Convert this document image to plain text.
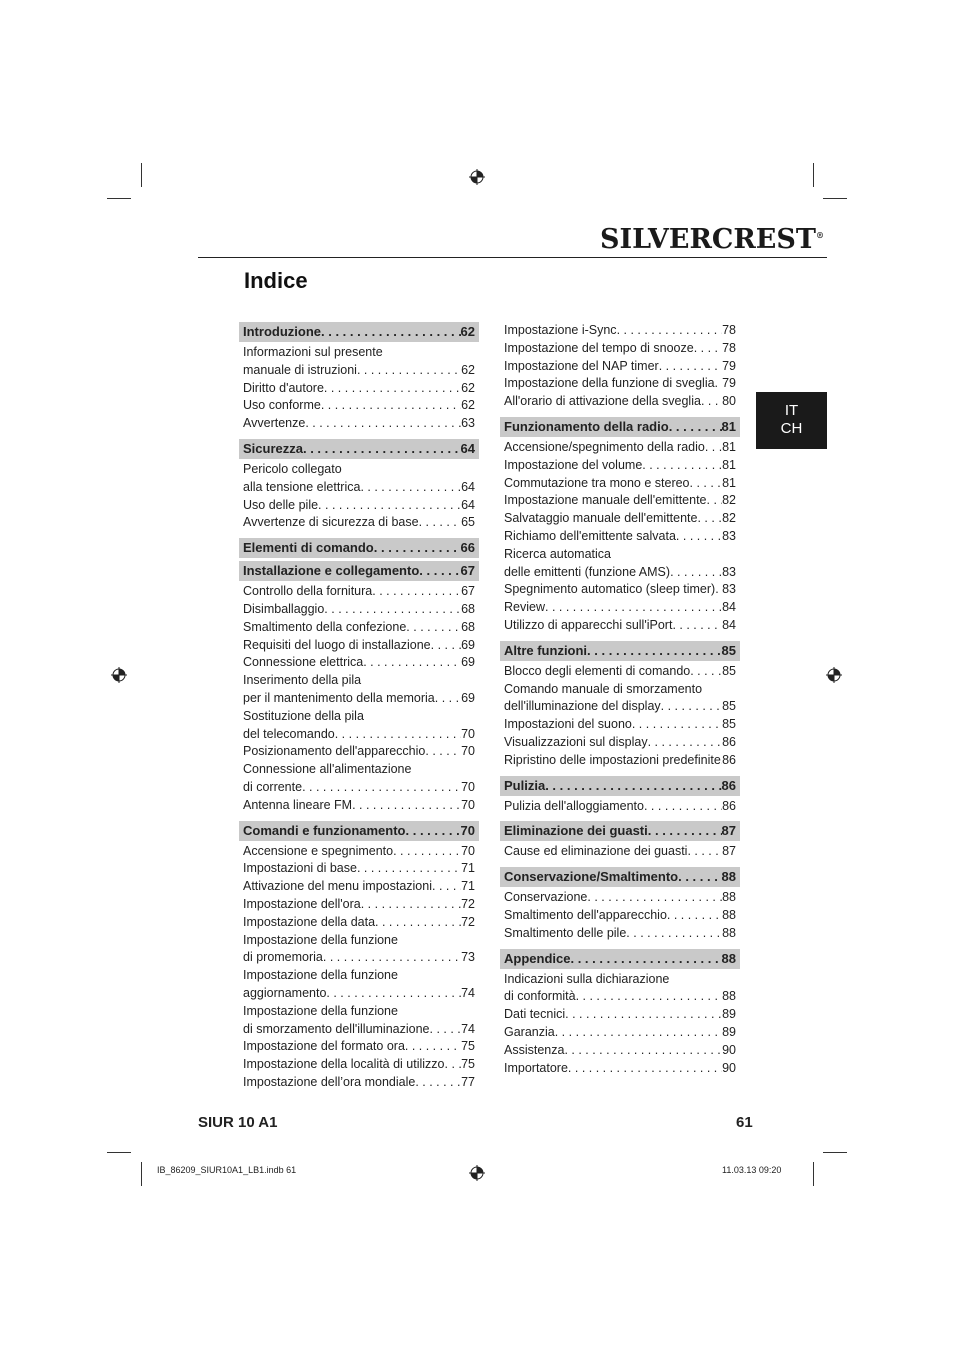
SILVERCREST®
Indice
IT
CH
Introduzione . . .	62
Informazioni sul presente
manuale di istruzioni . . .	62
Diritto d'autore . . .	62
Uso conforme . . .	62
Avvertenze . . .	63
Sicurezza . . .	64
Pericolo collegato
alla tensione elettrica . . .	64
Uso delle pile . . .	64
Avvertenze di sicurezza di base . . .	65
Elementi di comando . . .	66
Installazione e collegamento . . .	67
Controllo della fornitura . . .	67
Disimballaggio . . .	68
Smaltimento della confezione . . .	68
Requisiti del luogo di installazione . . . 69
Connessione elettrica . . .	69
Inserimento della pila
per il mantenimento della memoria . . . 69
Sostituzione della pila
del telecomando . . .	70
Posizionamento dell'apparecchio . . .	70
Connessione all'alimentazione
di corrente . . .	70
Antenna lineare FM . . .	70
Comandi e funzionamento . . .	70
Accensione e spegnimento . . .	70
Impostazioni di base . . .	71
Attivazione del menu impostazioni . . . 71
Impostazione dell'ora . . .	72
Impostazione della data . . .	72
Impostazione della funzione
di promemoria . . .	73
Impostazione della funzione
aggiornamento . . .	74
Impostazione della funzione
di smorzamento dell'illuminazione . . .	74
Impostazione del formato ora . . .	75
Impostazione della località di utilizzo . . . 75
Impostazione dell’ora mondiale . . .	77
Impostazione i-Sync . . .	78
Impostazione del tempo di snooze . . . 78
Impostazione del NAP timer . . .	79
Impostazione della funzione di sveglia . . . 79
All'orario di attivazione della sveglia . . . 80
Funzionamento della radio . . .	81
Accensione/spegnimento della radio . . . 81
Impostazione del volume . . .	81
Commutazione tra mono e stereo . . .	81
Impostazione manuale dell'emittente . . . 82
Salvataggio manuale dell'emittente . . . 82
Richiamo dell'emittente salvata . . .	83
Ricerca automatica
delle emittenti (funzione AMS) . . .	83
Spegnimento automatico (sleep timer) . . . 83
Review . . .	84
Utilizzo di apparecchi sull'iPort . . .	84
Altre funzioni . . .	85
Blocco degli elementi di comando . . .	85
Comando manuale di smorzamento
dell'illuminazione del display . . .	85
Impostazioni del suono . . .	85
Visualizzazioni sul display . . .	86
Ripristino delle impostazioni predefinite . . . 86
Pulizia . . .	86
Pulizia dell'alloggiamento . . .	86
Eliminazione dei guasti . . .	87
Cause ed eliminazione dei guasti . . .	87
Conservazione/Smaltimento . . .	88
Conservazione . . .	88
Smaltimento dell'apparecchio . . .	88
Smaltimento delle pile . . .	88
Appendice . . .	88
Indicazioni sulla dichiarazione
di conformità . . .	88
Dati tecnici . . .	89
Garanzia . . .	89
Assistenza . . .	90
Importatore . . .	90
SIUR 10 A1	61
IB_86209_SIUR10A1_LB1.indb 61	11.03.13 09:20
